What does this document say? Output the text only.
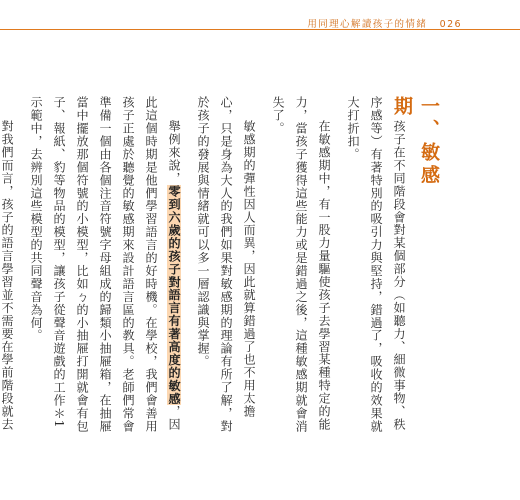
用同理心解讀孩子的情緒 026
一、敏感期

孩子在不同階段會對某個部分（如聽力、細微事物、秩序感等）有著特別的吸引力與堅持，錯過了，吸收的效果就大打折扣。

在敏感期中，有一股力量驅使孩子去學習某種特定的能力，當孩子獲得這些能力或是錯過之後，這種敏感期就會消失了。

敏感期的彈性因人而異，因此就算錯過了也不用太擔心，只是身為大人的我們如果對敏感期的理論有所了解，對於孩子的發展與情緒就可以多一層認識與掌握。

舉例來說，零到六歲的孩子對語言有著高度的敏感，因此這個時期是他們學習語言的好時機。在學校，我們會善用孩子正處於聽覺的敏感期來設計語言區的教具。老師們常會準備一個由各個注音符號字母組成的歸類小抽屜箱，在抽屜當中擺放那個符號的小模型，比如ㄅ的小抽屜打開就會有包子、報紙、豹等物品的模型，讓孩子從聲音遊戲的工作＊1示範中，去辨別這些模型的共同聲音為何。

對我們而言，孩子的語言學習並不需要在學前階段就去
